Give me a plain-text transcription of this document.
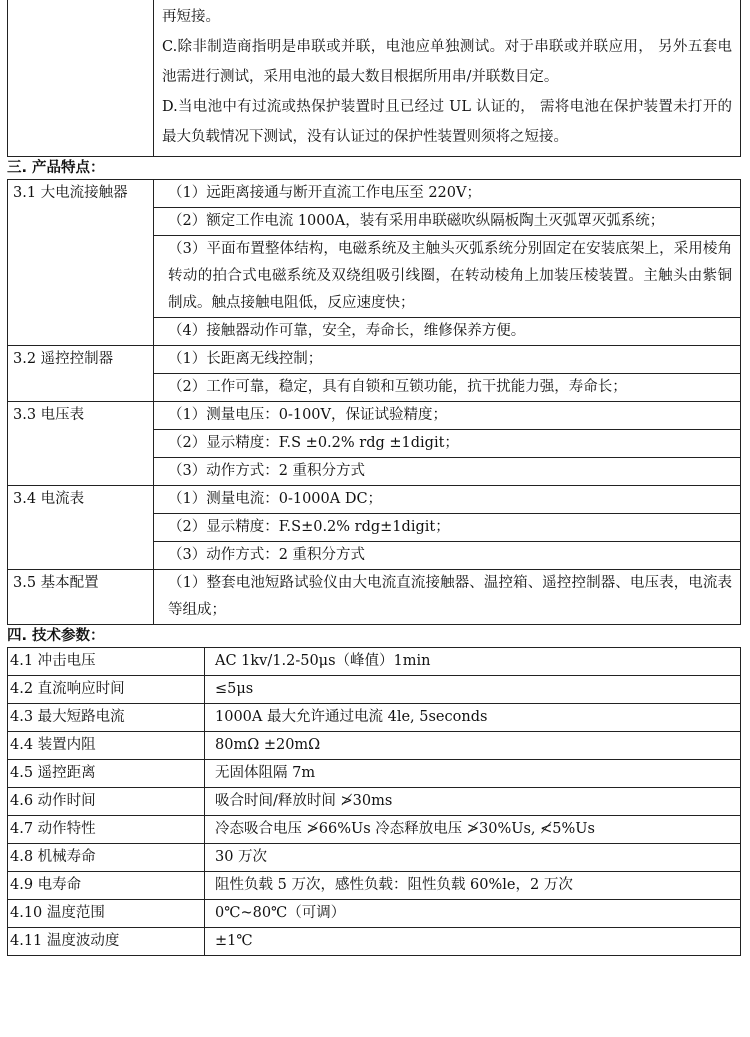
再短接。
C.除非制造商指明是串联或并联，电池应单独测试。对于串联或并联应用， 另外五套电池需进行测试，采用电池的最大数目根据所用串/并联数目定。
D.当电池中有过流或热保护装置时且已经过 UL 认证的， 需将电池在保护装置未打开的最大负载情况下测试，没有认证过的保护性装置则须将之短接。
三. 产品特点：
3.1 大电流接触器	（1）远距离接通与断开直流工作电压至 220V；
	（2）额定工作电流 1000A，装有采用串联磁吹纵隔板陶土灭弧罩灭弧系统；
	（3）平面布置整体结构，电磁系统及主触头灭弧系统分别固定在安装底架上，采用棱角转动的拍合式电磁系统及双绕组吸引线圈，在转动棱角上加装压棱装置。主触头由紫铜制成。触点接触电阻低，反应速度快；
	（4）接触器动作可靠，安全，寿命长，维修保养方便。
3.2 遥控控制器	（1）长距离无线控制；
	（2）工作可靠，稳定，具有自锁和互锁功能，抗干扰能力强，寿命长；
3.3 电压表	（1）测量电压：0-100V，保证试验精度；
	（2）显示精度：F.S ±0.2% rdg ±1digit；
	（3）动作方式：2 重积分方式
3.4 电流表	（1）测量电流：0-1000A DC；
	（2）显示精度：F.S±0.2% rdg±1digit；
	（3）动作方式：2 重积分方式
3.5 基本配置	（1）整套电池短路试验仪由大电流直流接触器、温控箱、遥控控制器、电压表，电流表等组成；
四. 技术参数：
4.1 冲击电压	AC 1kv/1.2-50μs（峰值）1min
4.2 直流响应时间	≤5μs
4.3 最大短路电流	1000A 最大允许通过电流 4le, 5seconds
4.4 装置内阻	80mΩ ±20mΩ
4.5 遥控距离	无固体阻隔 7m
4.6 动作时间	吸合时间/释放时间 ≯30ms
4.7 动作特性	冷态吸合电压 ≯66%Us 冷态释放电压 ≯30%Us, ≮5%Us
4.8 机械寿命	30 万次
4.9 电寿命	阻性负载 5 万次，感性负载：阻性负载 60%le，2 万次
4.10 温度范围	0℃~80℃（可调）
4.11 温度波动度	±1℃
